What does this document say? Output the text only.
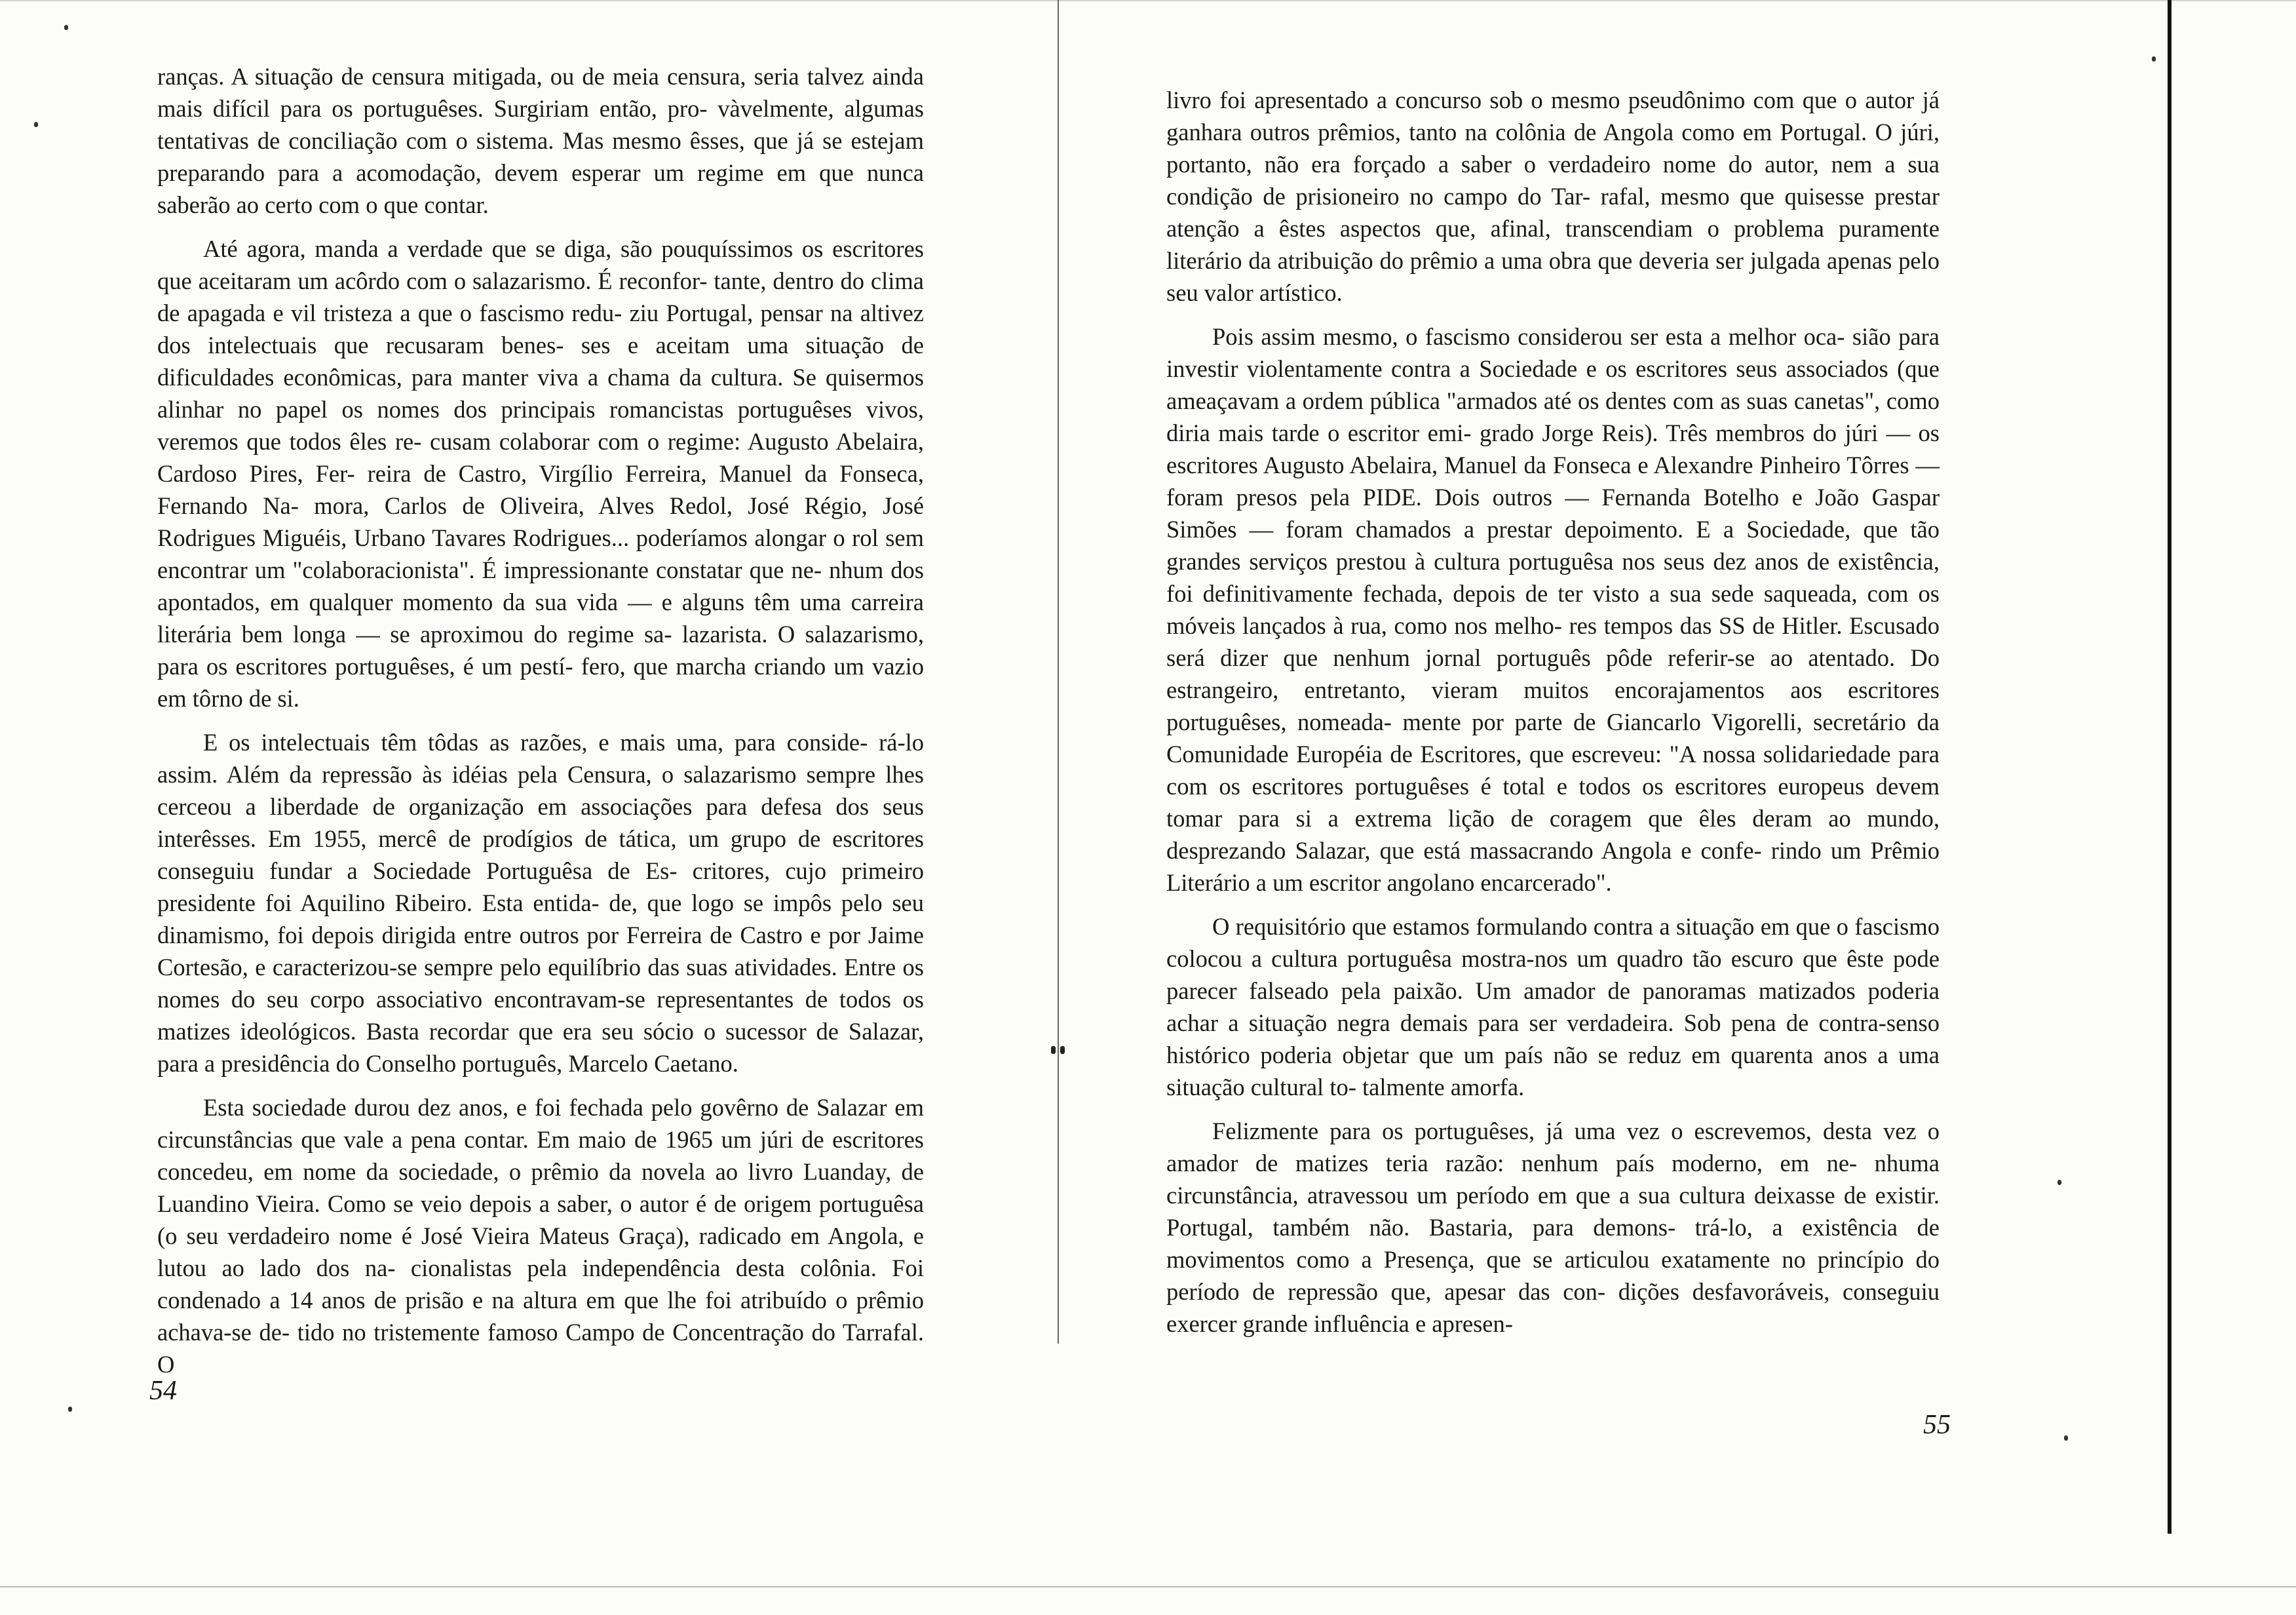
ranças. A situação de censura mitigada, ou de meia censura, seria talvez ainda mais difícil para os portuguêses. Surgiriam então, pro- vàvelmente, algumas tentativas de conciliação com o sistema. Mas mesmo êsses, que já se estejam preparando para a acomodação, devem esperar um regime em que nunca saberão ao certo com o que contar.

Até agora, manda a verdade que se diga, são pouquíssimos os escritores que aceitaram um acôrdo com o salazarismo. É reconfor- tante, dentro do clima de apagada e vil tristeza a que o fascismo redu- ziu Portugal, pensar na altivez dos intelectuais que recusaram benes- ses e aceitam uma situação de dificuldades econômicas, para manter viva a chama da cultura. Se quisermos alinhar no papel os nomes dos principais romancistas portuguêses vivos, veremos que todos êles re- cusam colaborar com o regime: Augusto Abelaira, Cardoso Pires, Fer- reira de Castro, Virgílio Ferreira, Manuel da Fonseca, Fernando Na- mora, Carlos de Oliveira, Alves Redol, José Régio, José Rodrigues Miguéis, Urbano Tavares Rodrigues... poderíamos alongar o rol sem encontrar um "colaboracionista". É impressionante constatar que ne- nhum dos apontados, em qualquer momento da sua vida — e alguns têm uma carreira literária bem longa — se aproximou do regime sa- lazarista. O salazarismo, para os escritores portuguêses, é um pestí- fero, que marcha criando um vazio em tôrno de si.

E os intelectuais têm tôdas as razões, e mais uma, para conside- rá-lo assim. Além da repressão às idéias pela Censura, o salazarismo sempre lhes cerceou a liberdade de organização em associações para defesa dos seus interêsses. Em 1955, mercê de prodígios de tática, um grupo de escritores conseguiu fundar a Sociedade Portuguêsa de Es- critores, cujo primeiro presidente foi Aquilino Ribeiro. Esta entida- de, que logo se impôs pelo seu dinamismo, foi depois dirigida entre outros por Ferreira de Castro e por Jaime Cortesão, e caracterizou-se sempre pelo equilíbrio das suas atividades. Entre os nomes do seu corpo associativo encontravam-se representantes de todos os matizes ideológicos. Basta recordar que era seu sócio o sucessor de Salazar, para a presidência do Conselho português, Marcelo Caetano.

Esta sociedade durou dez anos, e foi fechada pelo govêrno de Salazar em circunstâncias que vale a pena contar. Em maio de 1965 um júri de escritores concedeu, em nome da sociedade, o prêmio da novela ao livro Luanday, de Luandino Vieira. Como se veio depois a saber, o autor é de origem portuguêsa (o seu verdadeiro nome é José Vieira Mateus Graça), radicado em Angola, e lutou ao lado dos na- cionalistas pela independência desta colônia. Foi condenado a 14 anos de prisão e na altura em que lhe foi atribuído o prêmio achava-se de- tido no tristemente famoso Campo de Concentração do Tarrafal. O

54

livro foi apresentado a concurso sob o mesmo pseudônimo com que o autor já ganhara outros prêmios, tanto na colônia de Angola como em Portugal. O júri, portanto, não era forçado a saber o verdadeiro nome do autor, nem a sua condição de prisioneiro no campo do Tar- rafal, mesmo que quisesse prestar atenção a êstes aspectos que, afinal, transcendiam o problema puramente literário da atribuição do prêmio a uma obra que deveria ser julgada apenas pelo seu valor artístico.

Pois assim mesmo, o fascismo considerou ser esta a melhor oca- sião para investir violentamente contra a Sociedade e os escritores seus associados (que ameaçavam a ordem pública "armados até os dentes com as suas canetas", como diria mais tarde o escritor emi- grado Jorge Reis). Três membros do júri — os escritores Augusto Abelaira, Manuel da Fonseca e Alexandre Pinheiro Tôrres — foram presos pela PIDE. Dois outros — Fernanda Botelho e João Gaspar Simões — foram chamados a prestar depoimento. E a Sociedade, que tão grandes serviços prestou à cultura portuguêsa nos seus dez anos de existência, foi definitivamente fechada, depois de ter visto a sua sede saqueada, com os móveis lançados à rua, como nos melho- res tempos das SS de Hitler. Escusado será dizer que nenhum jornal português pôde referir-se ao atentado. Do estrangeiro, entretanto, vieram muitos encorajamentos aos escritores portuguêses, nomeada- mente por parte de Giancarlo Vigorelli, secretário da Comunidade Européia de Escritores, que escreveu: "A nossa solidariedade para com os escritores portuguêses é total e todos os escritores europeus devem tomar para si a extrema lição de coragem que êles deram ao mundo, desprezando Salazar, que está massacrando Angola e confe- rindo um Prêmio Literário a um escritor angolano encarcerado".

O requisitório que estamos formulando contra a situação em que o fascismo colocou a cultura portuguêsa mostra-nos um quadro tão escuro que êste pode parecer falseado pela paixão. Um amador de panoramas matizados poderia achar a situação negra demais para ser verdadeira. Sob pena de contra-senso histórico poderia objetar que um país não se reduz em quarenta anos a uma situação cultural to- talmente amorfa.

Felizmente para os portuguêses, já uma vez o escrevemos, desta vez o amador de matizes teria razão: nenhum país moderno, em ne- nhuma circunstância, atravessou um período em que a sua cultura deixasse de existir. Portugal, também não. Bastaria, para demons- trá-lo, a existência de movimentos como a Presença, que se articulou exatamente no princípio do período de repressão que, apesar das con- dições desfavoráveis, conseguiu exercer grande influência e apresen-

55
